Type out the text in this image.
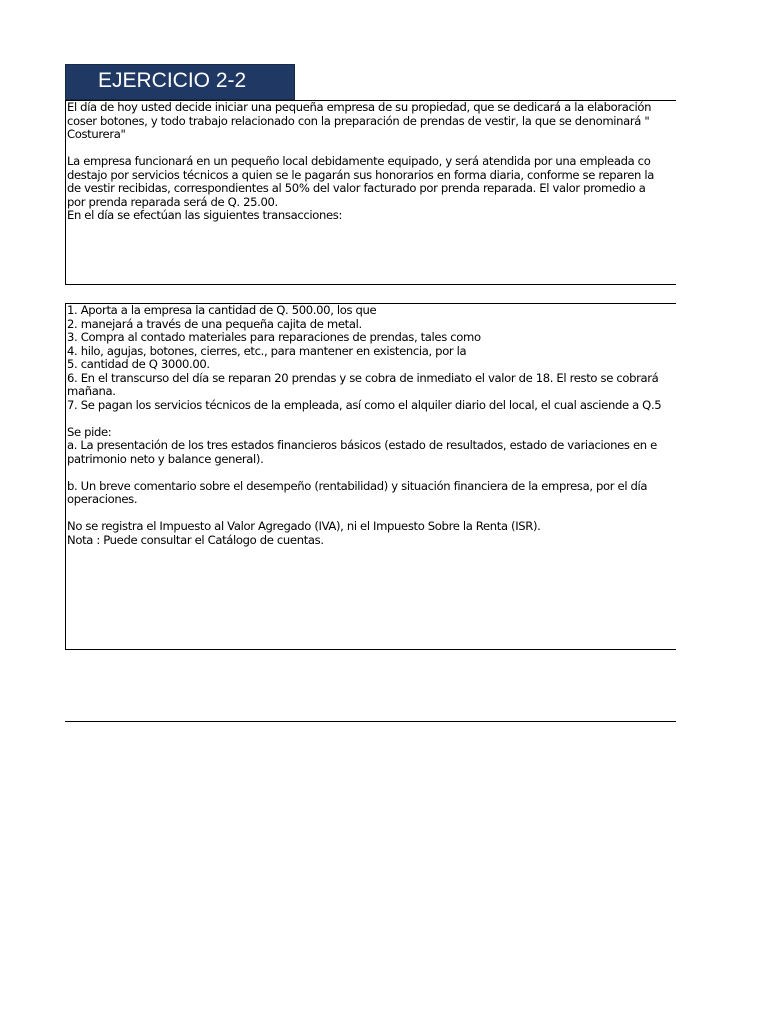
EJERCICIO 2-2
El día de hoy usted decide iniciar una pequeña empresa de su propiedad, que se dedicará a la elaboración
coser botones, y todo trabajo relacionado con la preparación de prendas de vestir, la que se denominará "
Costurera"
La empresa funcionará en un pequeño local debidamente equipado, y será atendida por una empleada co
destajo por servicios técnicos a quien se le pagarán sus honorarios en forma diaria, conforme se reparen la
de vestir recibidas, correspondientes al 50% del valor facturado por prenda reparada. El valor promedio a
por prenda reparada será de Q. 25.00.
En el día se efectúan las siguientes transacciones:
1. Aporta a la empresa la cantidad de Q. 500.00, los que
2. manejará a través de una pequeña cajita de metal.
3. Compra al contado materiales para reparaciones de prendas, tales como
4. hilo, agujas, botones, cierres, etc., para mantener en existencia, por la
5. cantidad de Q 3000.00.
6. En el transcurso del día se reparan 20 prendas y se cobra de inmediato el valor de 18. El resto se cobrará
mañana.
7. Se pagan los servicios técnicos de la empleada, así como el alquiler diario del local, el cual asciende a Q.5
Se pide:
a. La presentación de los tres estados financieros básicos (estado de resultados, estado de variaciones en e
patrimonio neto y balance general).
b. Un breve comentario sobre el desempeño (rentabilidad) y situación financiera de la empresa, por el día
operaciones.
No se registra el Impuesto al Valor Agregado (IVA), ni el Impuesto Sobre la Renta (ISR).
Nota : Puede consultar el Catálogo de cuentas.
